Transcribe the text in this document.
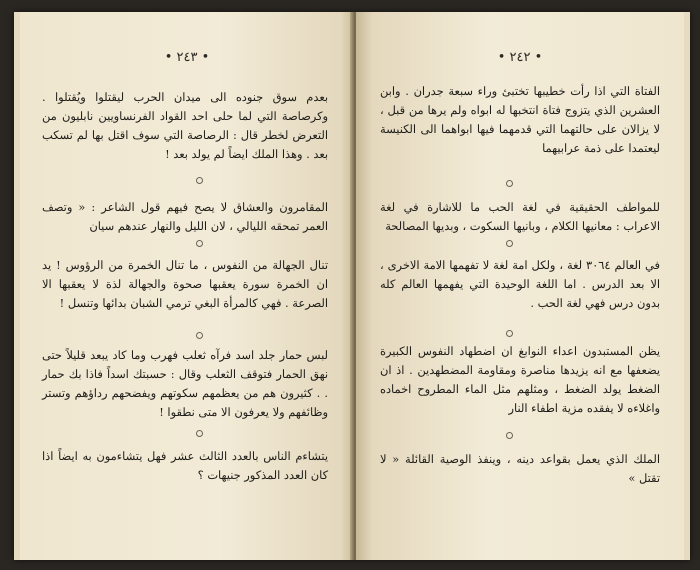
• ٢٤٣ •
بعدم سوق جنوده الى ميدان الحرب ليقتلوا ويُقتلوا . وكرصاصة التي لما حلى احد القواد الفرنساويين نابليون من التعرض لخطر قال : الرصاصة التي سوف اقتل بها لم تسكب بعد . وهذا الملك ايضاً لم يولد بعد !
المقامرون والعشاق لا يصح فيهم قول الشاعر : « وتصف العمر تمحقه الليالي ، لان الليل والنهار عندهم سيان
تنال الجهالة من النفوس ، ما تنال الخمرة من الرؤوس ! يد ان الخمرة سورة يعقبها صحوة والجهالة لذة لا يعقبها الا الصرعة . فهي كالمرأة البغي ترمي الشبان بدائها وتنسل !
لبس حمار جلد اسد فرآه ثعلب فهرب وما كاد يبعد قليلاً حتى نهق الحمار فتوقف الثعلب وقال : حسبتك اسداً فاذا بك حمار . . كثيرون هم من يعظمهم سكوتهم ويفضحهم رداؤهم وتستر وظائفهم ولا يعرفون الا متى نطقوا !
يتشاءم الناس بالعدد الثالث عشر فهل يتشاءمون به ايضاً اذا كان العدد المذكور جنيهات ؟
• ٢٤٢ •
الفتاة التي اذا رأت خطيبها تختبئ وراء سبعة جدران . وابن العشرين الذي يتزوج فتاة انتخبها له ابواه ولم يرها من قبل ، لا يزالان على حالتهما التي قدمهما فيها ابواهما الى الكنيسة ليعتمدا على ذمة عرابيهما
للمواطف الحقيقية في لغة الحب ما للاشارة في لغة الاعراب : معانيها الكلام ، وبانيها السكوت ، وبديها المصالحة
في العالم ٣٠٦٤ لغة ، ولكل امة لغة لا تفهمها الامة الاخرى ، الا بعد الدرس . اما اللغة الوحيدة التي يفهمها العالم كله بدون درس فهي لغة الحب .
يظن المستبدون اعداء النوابغ ان اضطهاد النفوس الكبيرة يضعفها مع انه يزيدها مناصرة ومقاومة المضطهدين . اذ ان الضغط يولد الضغط ، ومثلهم مثل الماء المطروح اخماده واغلاءه لا يفقده مزية اطفاء النار
الملك الذي يعمل بقواعد دينه ، وينفذ الوصية القائلة « لا تقتل »
